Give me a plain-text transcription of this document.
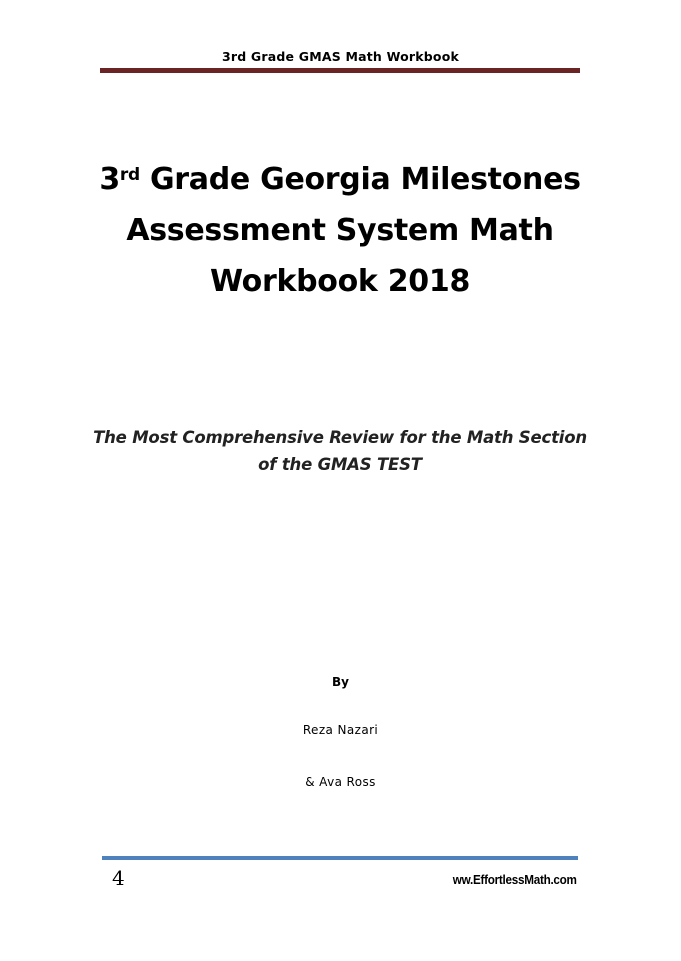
3rd Grade GMAS Math Workbook
3rd Grade Georgia Milestones
Assessment System Math
Workbook 2018
The Most Comprehensive Review for the Math Section
of the GMAS TEST
By
Reza Nazari
& Ava Ross
4	ww.EffortlessMath.com
